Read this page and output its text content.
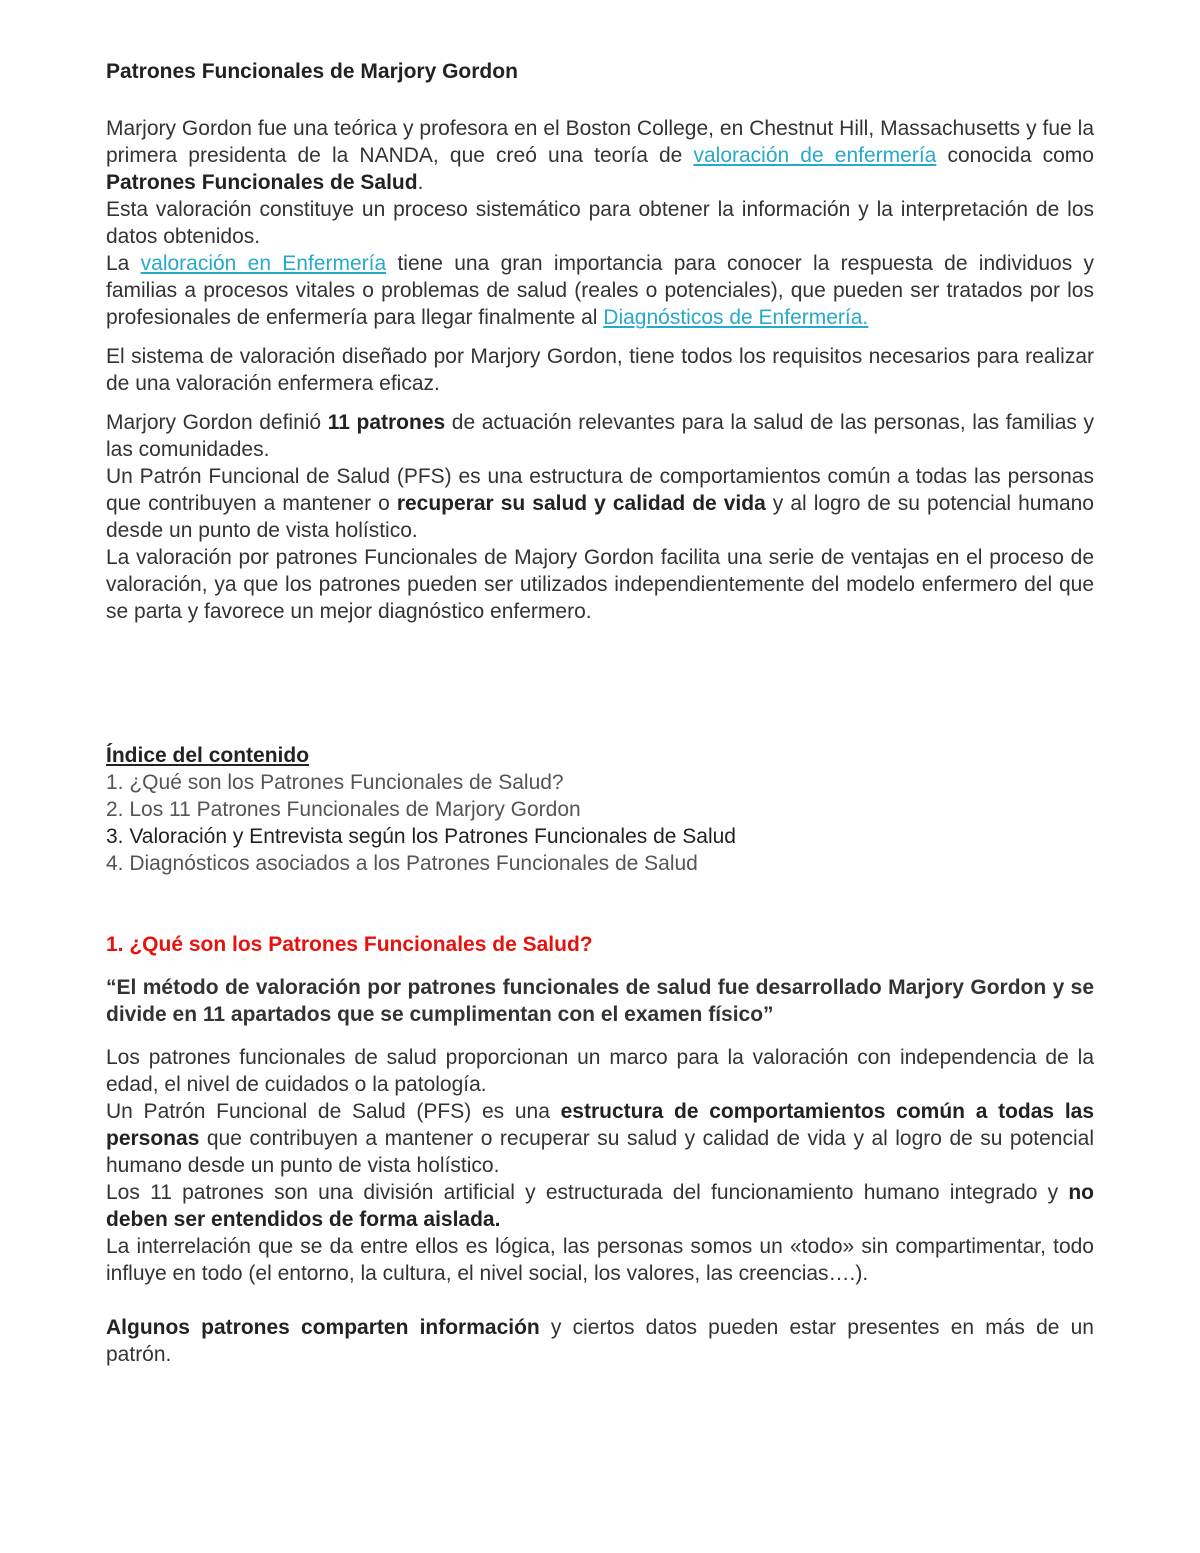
Patrones Funcionales de Marjory Gordon

Marjory Gordon fue una teórica y profesora en el Boston College, en Chestnut Hill, Massachusetts y fue la primera presidenta de la NANDA, que creó una teoría de valoración de enfermería conocida como Patrones Funcionales de Salud.

Esta valoración constituye un proceso sistemático para obtener la información y la interpretación de los datos obtenidos.

La valoración en Enfermería tiene una gran importancia para conocer la respuesta de individuos y familias a procesos vitales o problemas de salud (reales o potenciales), que pueden ser tratados por los profesionales de enfermería para llegar finalmente al Diagnósticos de Enfermería.

El sistema de valoración diseñado por Marjory Gordon, tiene todos los requisitos necesarios para realizar de una valoración enfermera eficaz.

Marjory Gordon definió 11 patrones de actuación relevantes para la salud de las personas, las familias y las comunidades.

Un Patrón Funcional de Salud (PFS) es una estructura de comportamientos común a todas las personas que contribuyen a mantener o recuperar su salud y calidad de vida y al logro de su potencial humano desde un punto de vista holístico.

La valoración por patrones Funcionales de Majory Gordon facilita una serie de ventajas en el proceso de valoración, ya que los patrones pueden ser utilizados independientemente del modelo enfermero del que se parta y favorece un mejor diagnóstico enfermero.

Índice del contenido

1. ¿Qué son los Patrones Funcionales de Salud?

2. Los 11 Patrones Funcionales de Marjory Gordon

3. Valoración y Entrevista según los Patrones Funcionales de Salud

4. Diagnósticos asociados a los Patrones Funcionales de Salud

1. ¿Qué son los Patrones Funcionales de Salud?

“El método de valoración por patrones funcionales de salud fue desarrollado Marjory Gordon y se divide en 11 apartados que se cumplimentan con el examen físico”

Los patrones funcionales de salud proporcionan un marco para la valoración con independencia de la edad, el nivel de cuidados o la patología.

Un Patrón Funcional de Salud (PFS) es una estructura de comportamientos común a todas las personas que contribuyen a mantener o recuperar su salud y calidad de vida y al logro de su potencial humano desde un punto de vista holístico.

Los 11 patrones son una división artificial y estructurada del funcionamiento humano integrado y no deben ser entendidos de forma aislada.

La interrelación que se da entre ellos es lógica, las personas somos un «todo» sin compartimentar, todo influye en todo (el entorno, la cultura, el nivel social, los valores, las creencias….).

Algunos patrones comparten información y ciertos datos pueden estar presentes en más de un patrón.
